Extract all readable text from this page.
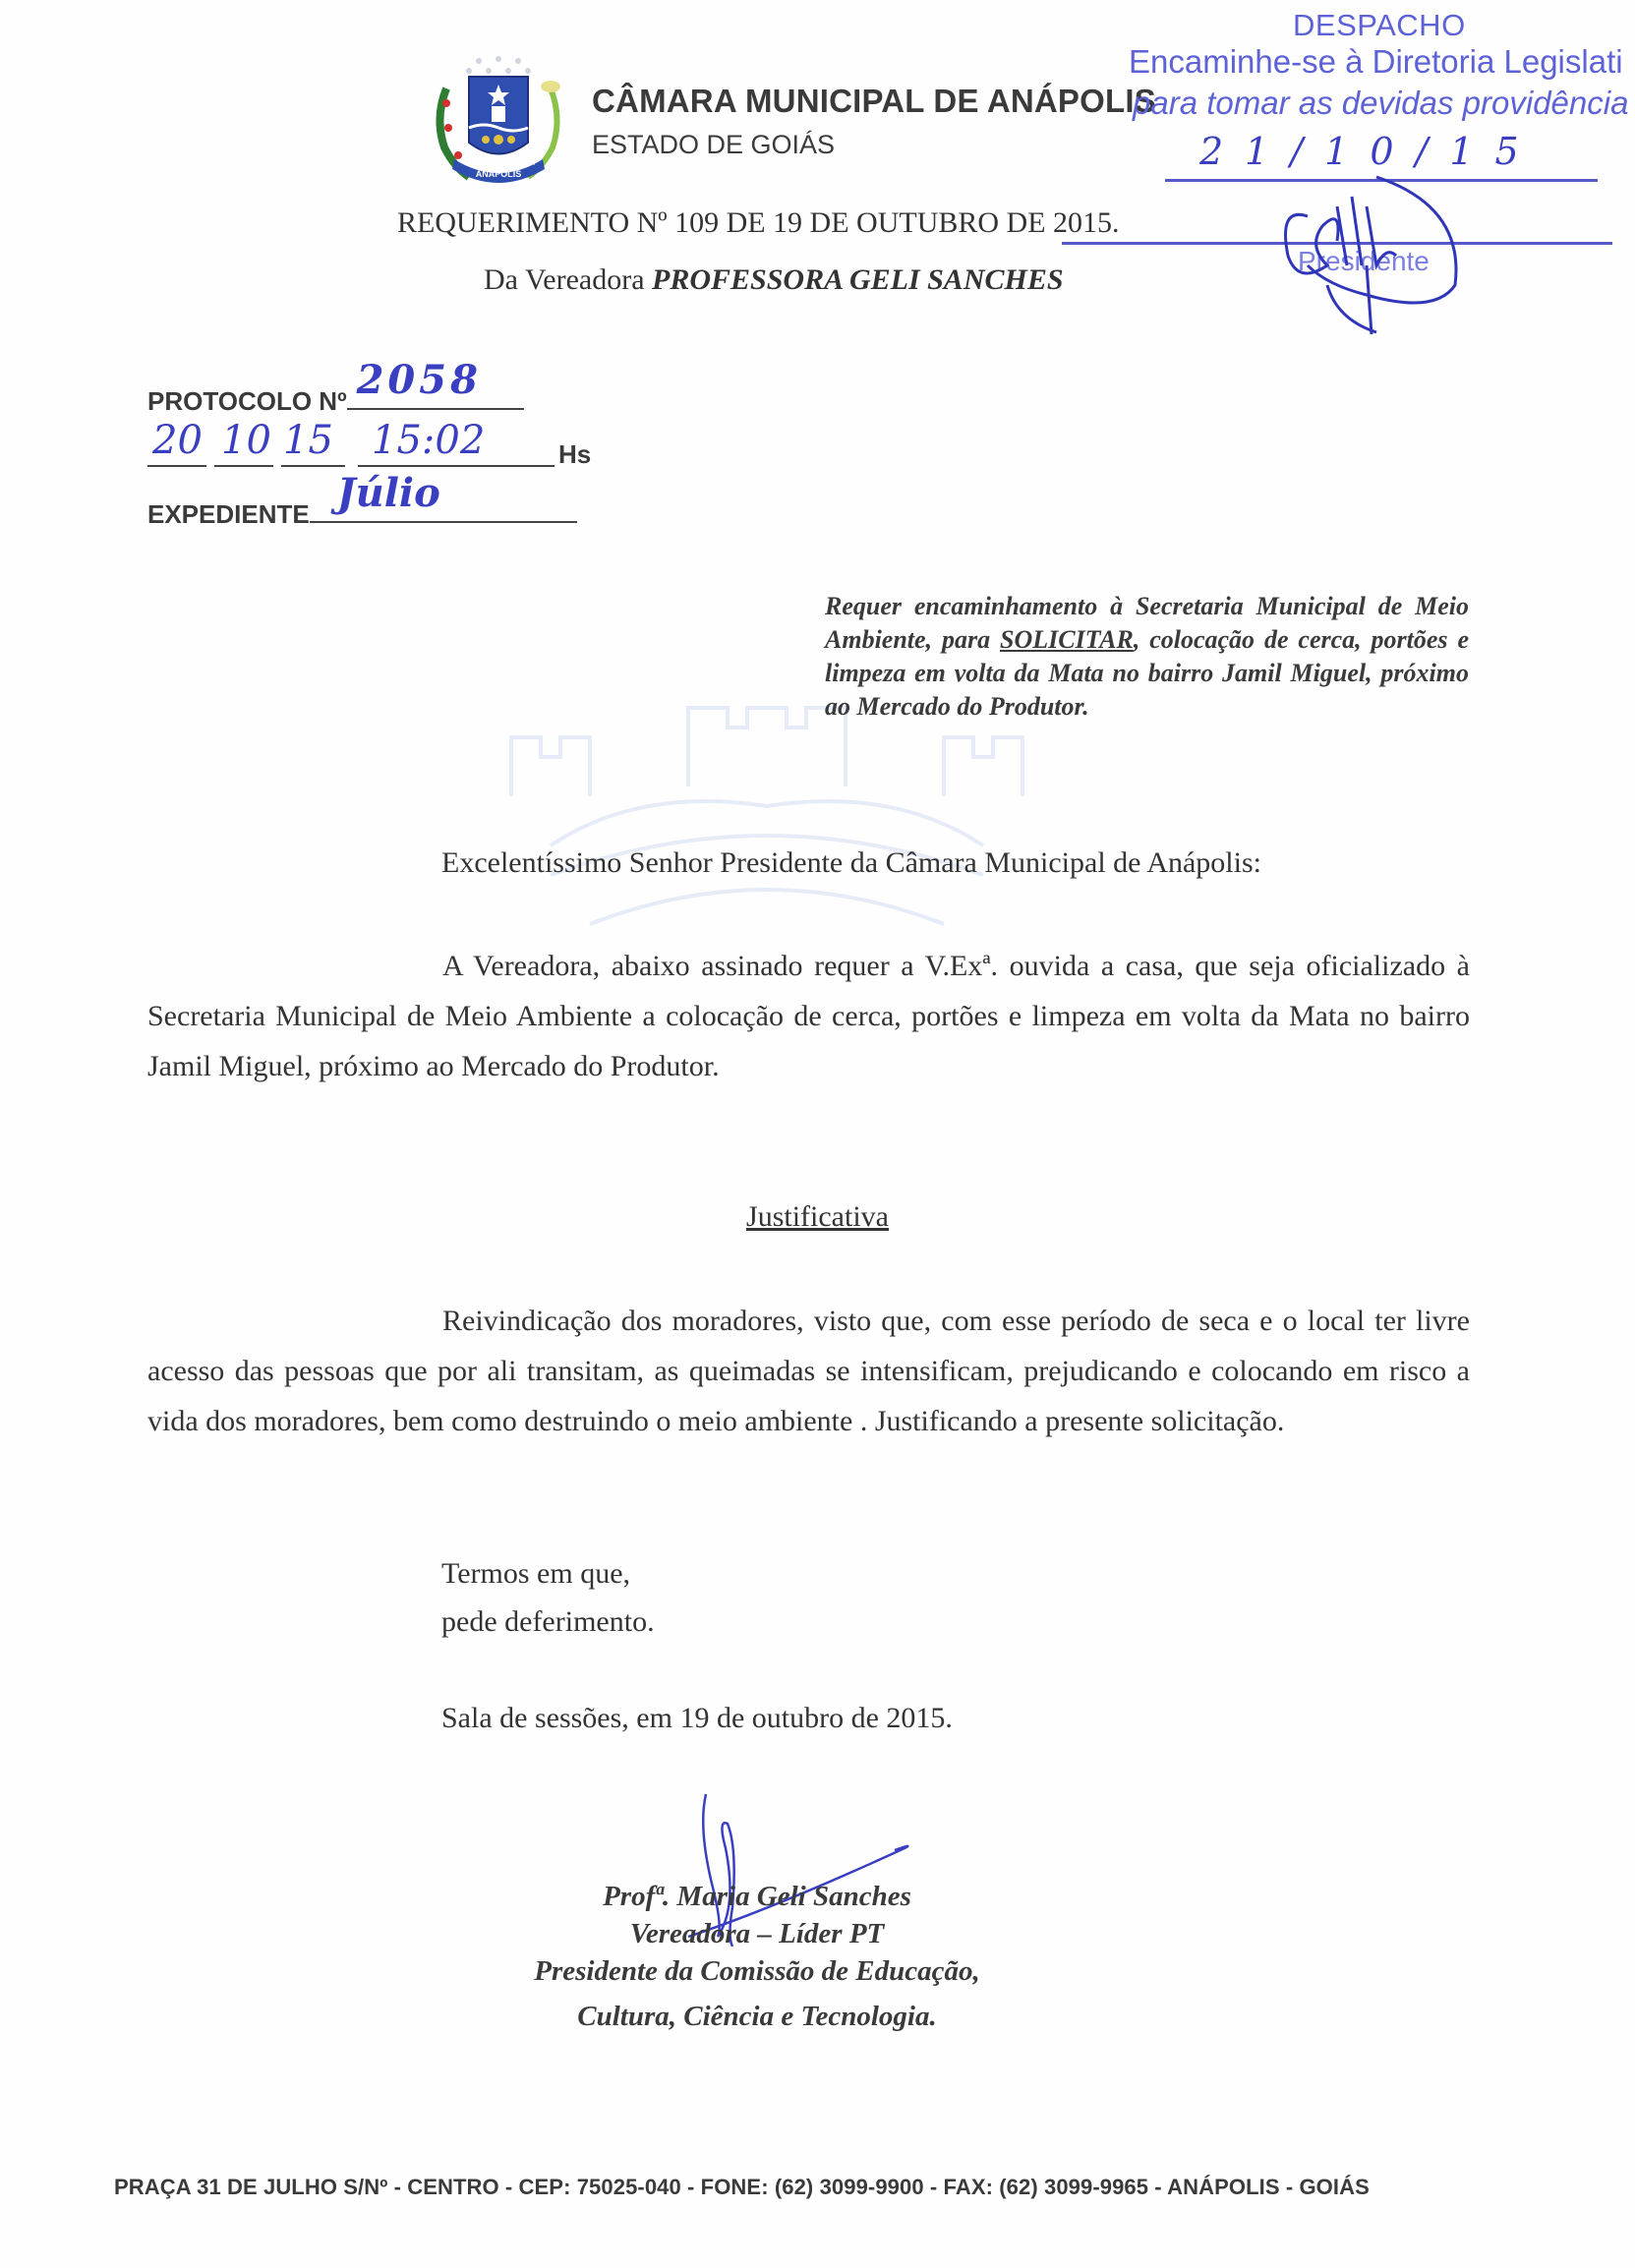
ANÁPOLIS
31-7	1907
CÂMARA MUNICIPAL DE ANÁPOLIS
ESTADO DE GOIÁS
DESPACHO
Encaminhe-se à Diretoria Legislati
para tomar as devidas providência
21/10/15
Presidente
REQUERIMENTO Nº 109 DE 19 DE OUTUBRO DE 2015.
Da Vereadora PROFESSORA GELI SANCHES
PROTOCOLO Nº 2058
20 10 15 15:02	Hs
EXPEDIENTE Júlio
Requer encaminhamento à Secretaria Municipal de Meio Ambiente, para SOLICITAR, colocação de cerca, portões e limpeza em volta da Mata no bairro Jamil Miguel, próximo ao Mercado do Produtor.
Excelentíssimo Senhor Presidente da Câmara Municipal de Anápolis:
A Vereadora, abaixo assinado requer a V.Exª. ouvida a casa, que seja oficializado à Secretaria Municipal de Meio Ambiente a colocação de cerca, portões e limpeza em volta da Mata no bairro Jamil Miguel, próximo ao Mercado do Produtor.
Justificativa
Reivindicação dos moradores, visto que, com esse período de seca e o local ter livre acesso das pessoas que por ali transitam, as queimadas se intensificam, prejudicando e colocando em risco a vida dos moradores, bem como destruindo o meio ambiente . Justificando a presente solicitação.
Termos em que,
pede deferimento.
Sala de sessões, em 19 de outubro de 2015.
Profª. Maria Geli Sanches
Vereadora – Líder PT
Presidente da Comissão de Educação,
Cultura, Ciência e Tecnologia.
PRAÇA 31 DE JULHO S/Nº - CENTRO - CEP: 75025-040 - FONE: (62) 3099-9900 - FAX: (62) 3099-9965 - ANÁPOLIS - GOIÁS
